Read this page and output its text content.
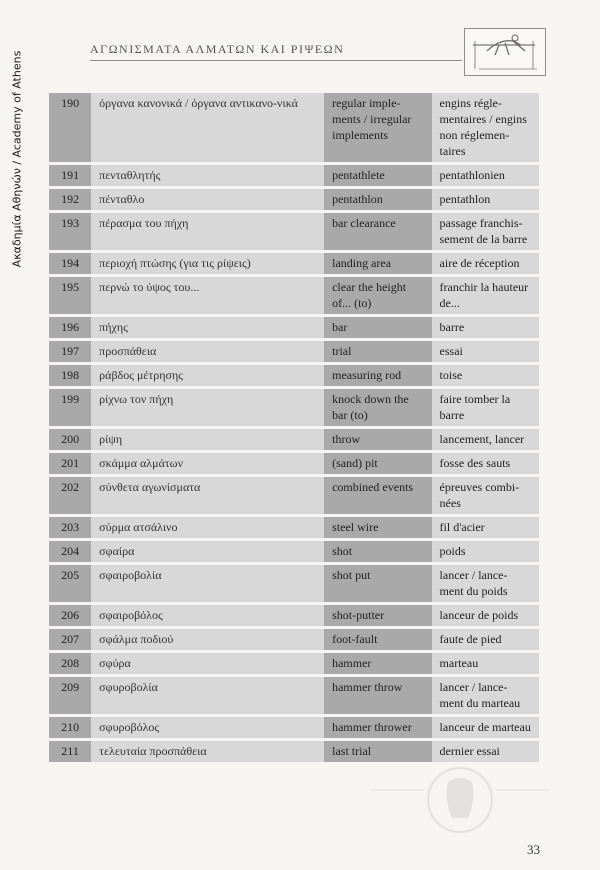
Ακαδημία Αθηνών / Academy of Athens
ΑΓΩΝΙΣΜΑΤΑ ΑΛΜΑΤΩΝ ΚΑΙ ΡΙΨΕΩΝ
190	όργανα κανονικά / όργανα αντικανο-νικά	regular imple-ments / irregular implements	engins régle-mentaires / engins non réglemen-taires
191	πενταθλητής	pentathlete	pentathlonien
192	πένταθλο	pentathlon	pentathlon
193	πέρασμα του πήχη	bar clearance	passage franchis-sement de la barre
194	περιοχή πτώσης (για τις ρίψεις)	landing area	aire de réception
195	περνώ το ύψος του...	clear the height of... (to)	franchir la hauteur de...
196	πήχης	bar	barre
197	προσπάθεια	trial	essai
198	ράβδος μέτρησης	measuring rod	toise
199	ρίχνω τον πήχη	knock down the bar (to)	faire tomber la barre
200	ρίψη	throw	lancement, lancer
201	σκάμμα αλμάτων	(sand) pit	fosse des sauts
202	σύνθετα αγωνίσματα	combined events	épreuves combi-nées
203	σύρμα ατσάλινο	steel wire	fil d'acier
204	σφαίρα	shot	poids
205	σφαιροβολία	shot put	lancer / lance-ment du poids
206	σφαιροβόλος	shot-putter	lanceur de poids
207	σφάλμα ποδιού	foot-fault	faute de pied
208	σφύρα	hammer	marteau
209	σφυροβολία	hammer throw	lancer / lance-ment du marteau
210	σφυροβόλος	hammer thrower	lanceur de marteau
211	τελευταία προσπάθεια	last trial	dernier essai
33
